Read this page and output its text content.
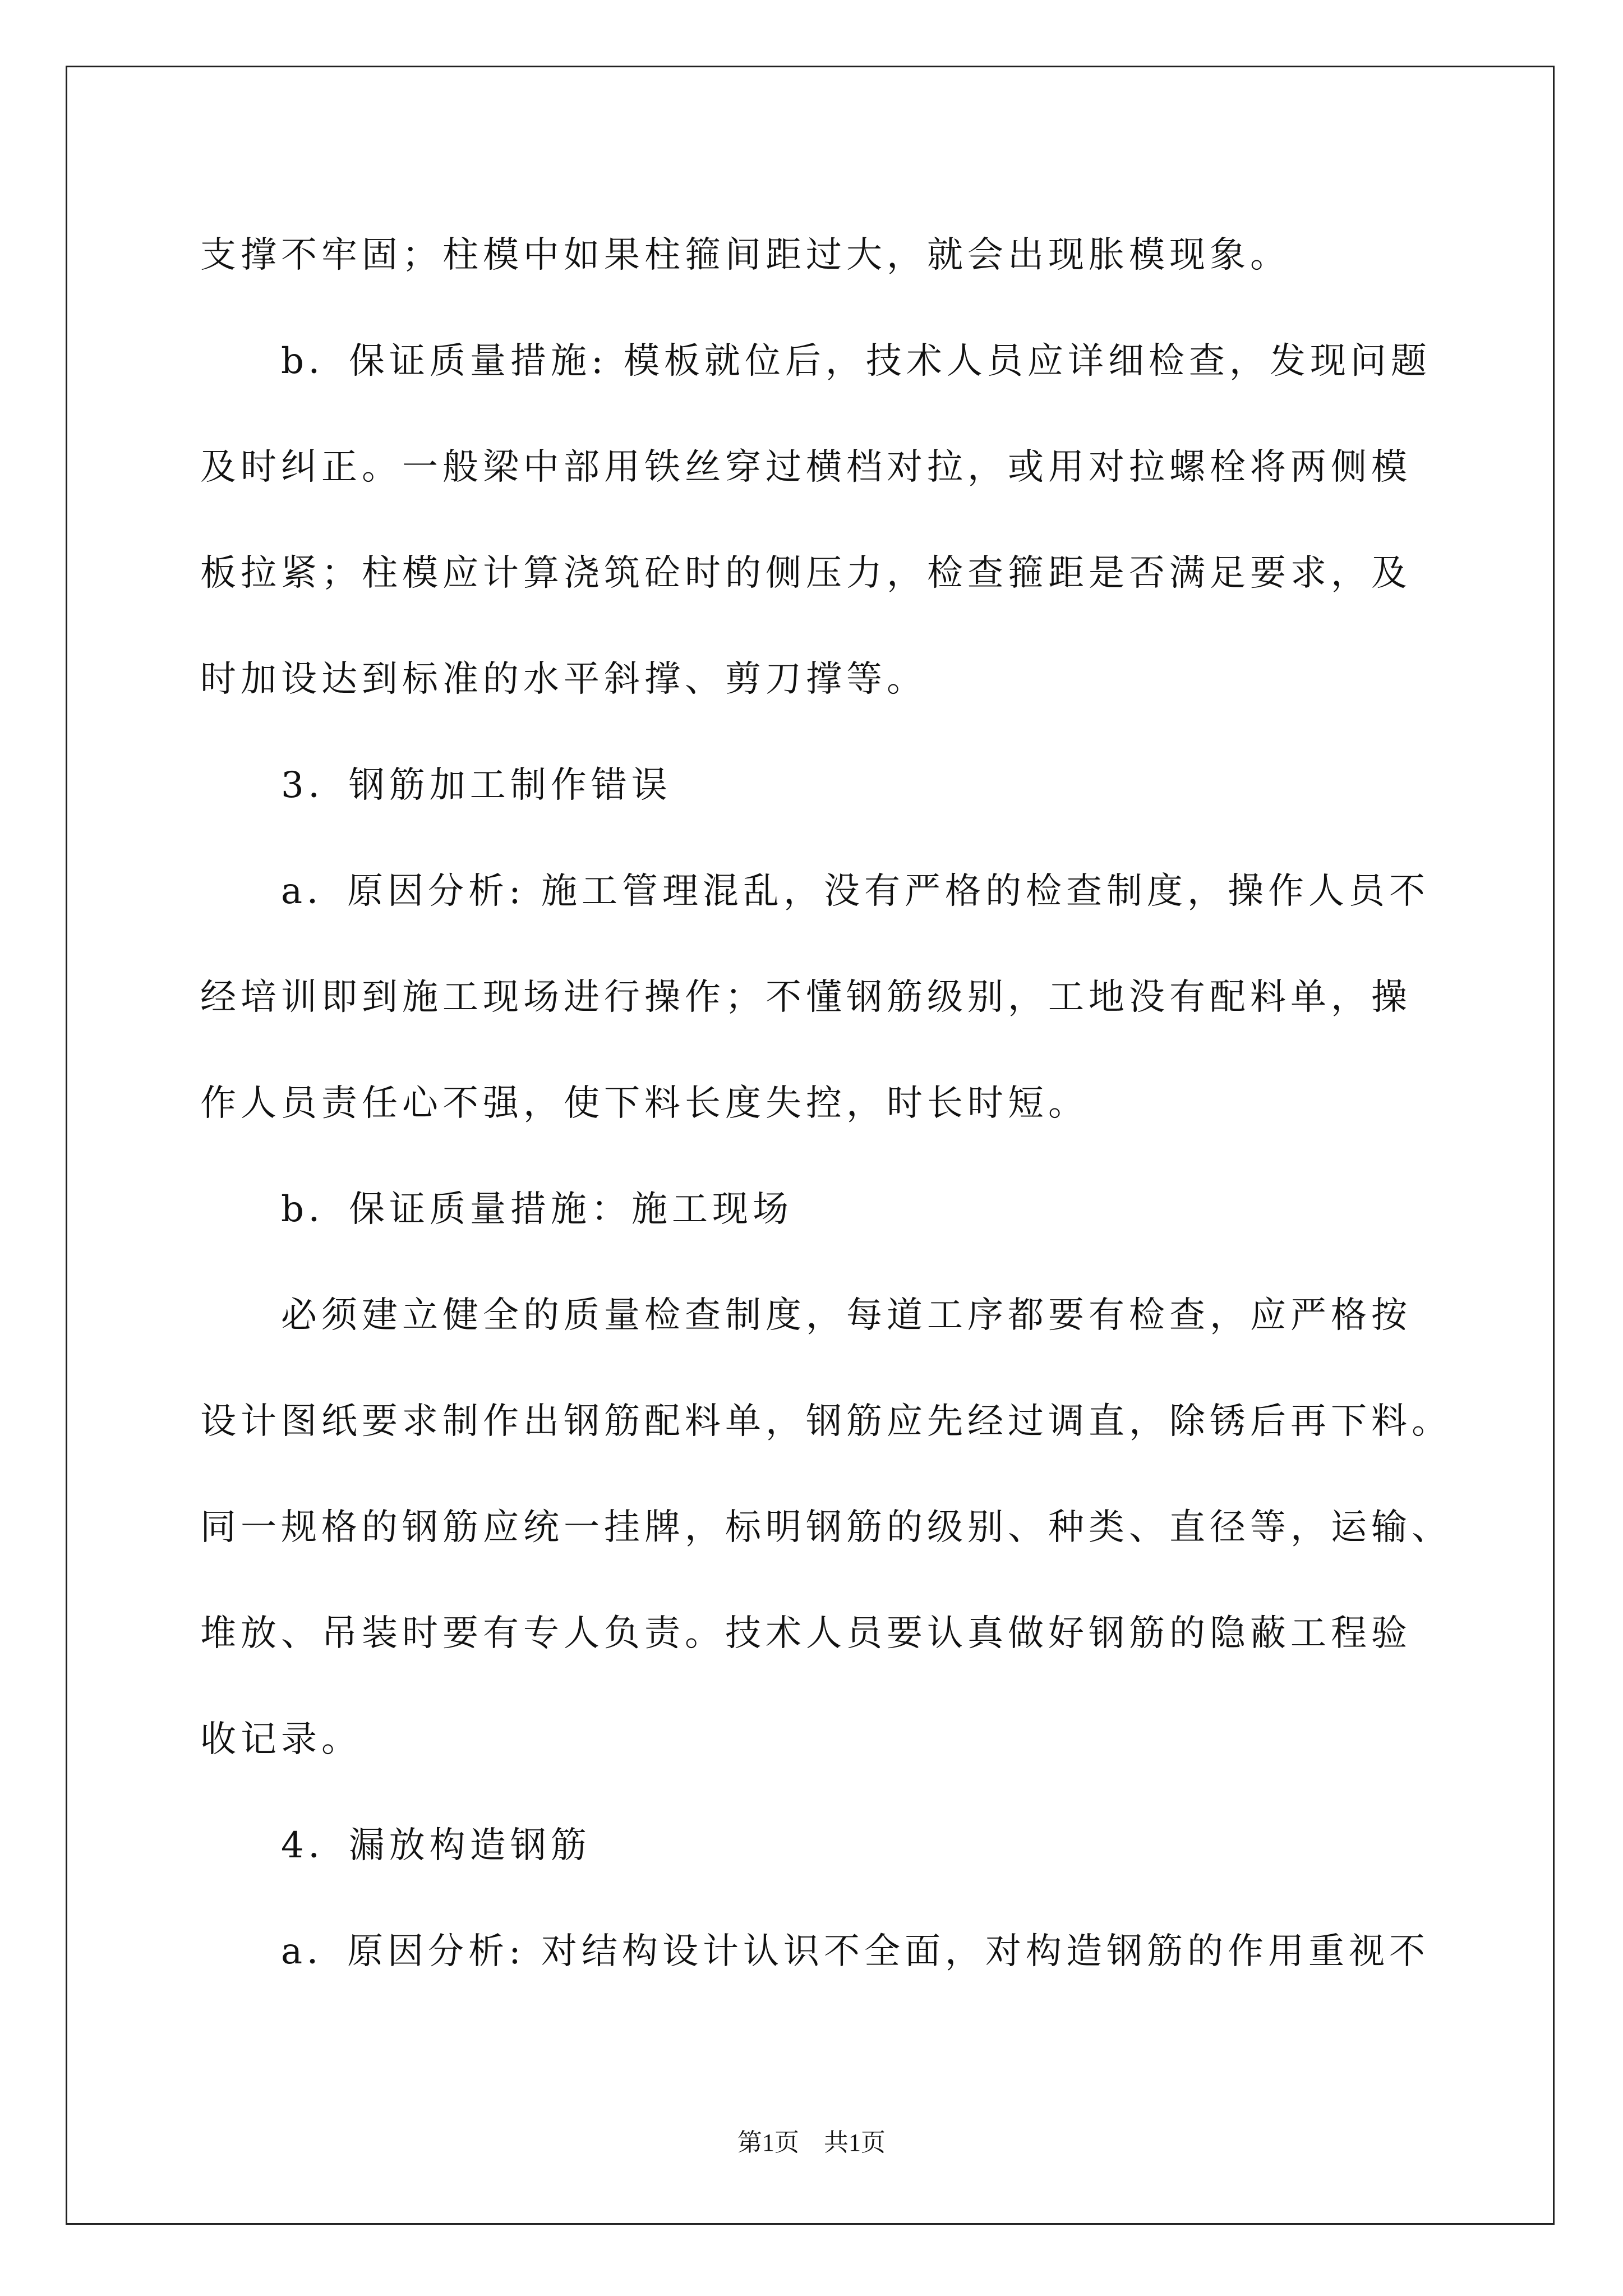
支撑不牢固；柱模中如果柱箍间距过大，就会出现胀模现象。
b．保证质量措施: 模板就位后，技术人员应详细检查，发现问题
及时纠正。一般梁中部用铁丝穿过横档对拉，或用对拉螺栓将两侧模
板拉紧；柱模应计算浇筑砼时的侧压力，检查箍距是否满足要求，及
时加设达到标准的水平斜撑、剪刀撑等。
3．钢筋加工制作错误
a．原因分析: 施工管理混乱，没有严格的检查制度，操作人员不
经培训即到施工现场进行操作；不懂钢筋级别，工地没有配料单，操
作人员责任心不强，使下料长度失控，时长时短。
b．保证质量措施：施工现场
必须建立健全的质量检查制度，每道工序都要有检查，应严格按
设计图纸要求制作出钢筋配料单，钢筋应先经过调直，除锈后再下料。
同一规格的钢筋应统一挂牌，标明钢筋的级别、种类、直径等，运输、
堆放、吊装时要有专人负责。技术人员要认真做好钢筋的隐蔽工程验
收记录。
4．漏放构造钢筋
a．原因分析: 对结构设计认识不全面，对构造钢筋的作用重视不
第1页　共1页
